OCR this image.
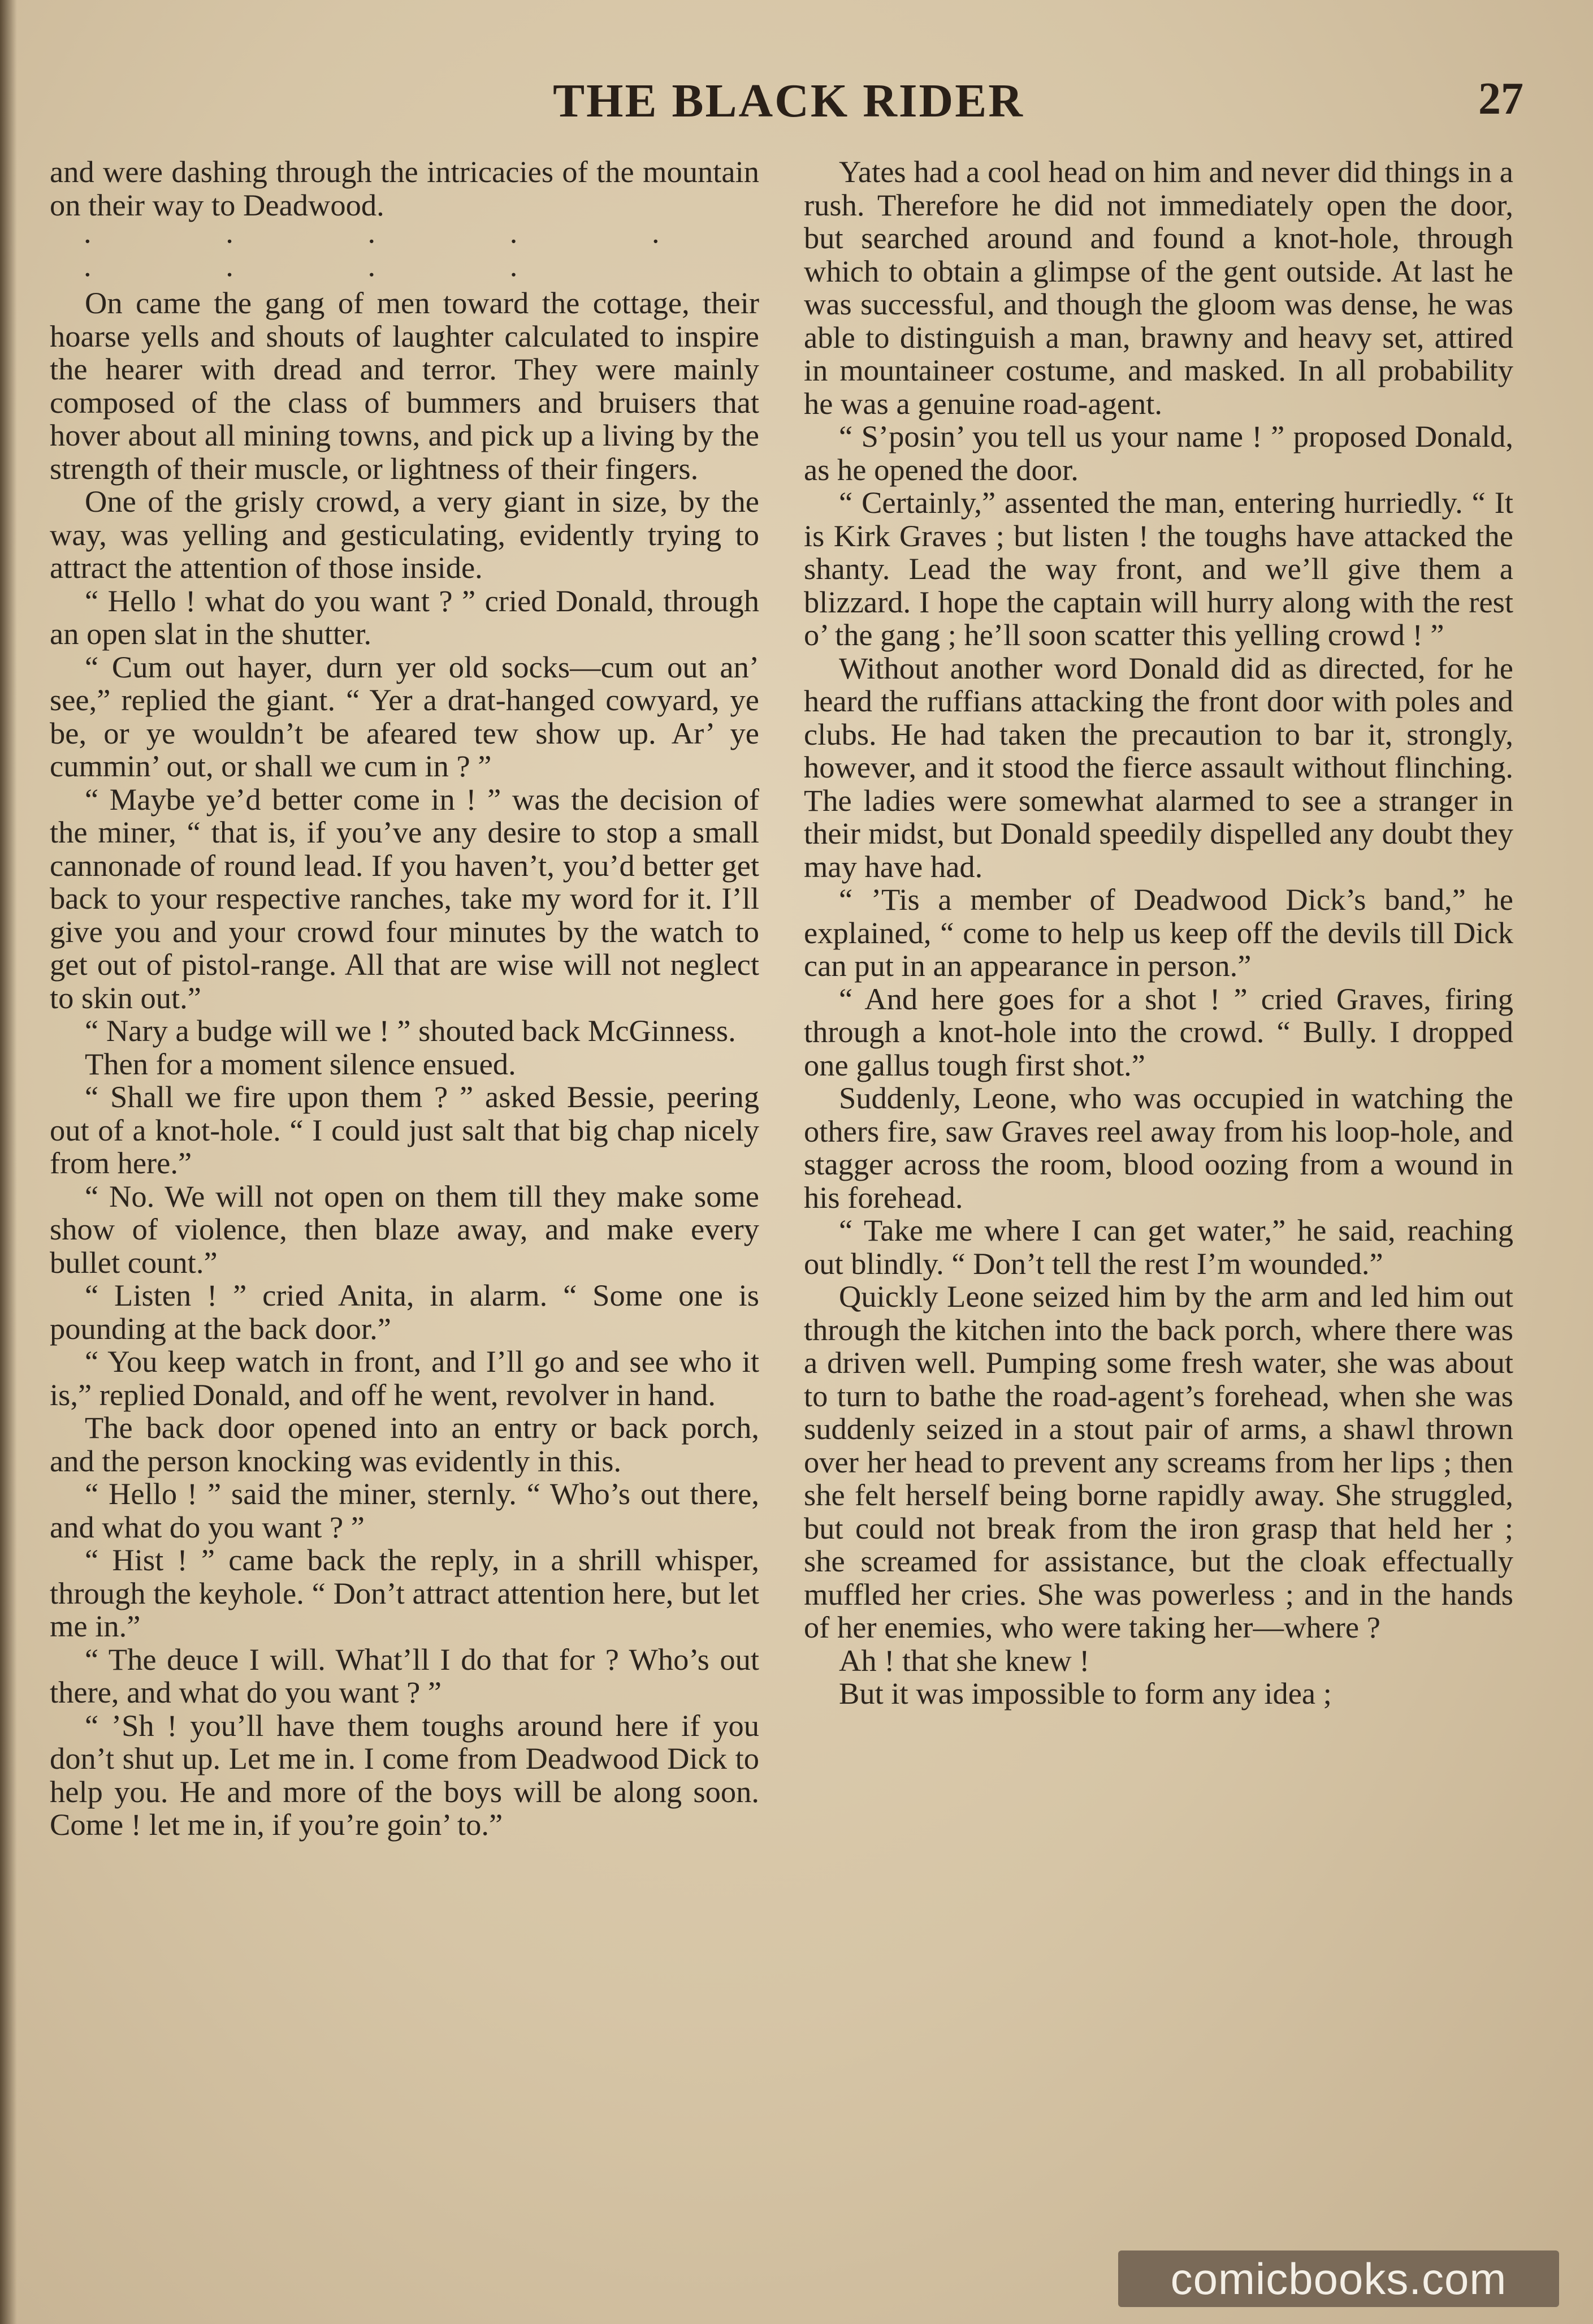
THE BLACK RIDER	27

and were dashing through the intricacies of the mountain on their way to Deadwood.

. . . . . . . . .

On came the gang of men toward the cottage, their hoarse yells and shouts of laughter calculated to inspire the hearer with dread and terror. They were mainly composed of the class of bummers and bruisers that hover about all mining towns, and pick up a living by the strength of their muscle, or lightness of their fingers.

One of the grisly crowd, a very giant in size, by the way, was yelling and gesticulating, evidently trying to attract the attention of those inside.

“ Hello ! what do you want ? ” cried Donald, through an open slat in the shutter.

“ Cum out hayer, durn yer old socks—cum out an’ see,” replied the giant. “ Yer a drat-hanged cowyard, ye be, or ye wouldn’t be afeared tew show up. Ar’ ye cummin’ out, or shall we cum in ? ”

“ Maybe ye’d better come in ! ” was the decision of the miner, “ that is, if you’ve any desire to stop a small cannonade of round lead. If you haven’t, you’d better get back to your respective ranches, take my word for it. I’ll give you and your crowd four minutes by the watch to get out of pistol-range. All that are wise will not neglect to skin out.”

“ Nary a budge will we ! ” shouted back McGinness.

Then for a moment silence ensued.

“ Shall we fire upon them ? ” asked Bessie, peering out of a knot-hole. “ I could just salt that big chap nicely from here.”

“ No. We will not open on them till they make some show of violence, then blaze away, and make every bullet count.”

“ Listen ! ” cried Anita, in alarm. “ Some one is pounding at the back door.”

“ You keep watch in front, and I’ll go and see who it is,” replied Donald, and off he went, revolver in hand.

The back door opened into an entry or back porch, and the person knocking was evidently in this.

“ Hello ! ” said the miner, sternly. “ Who’s out there, and what do you want ? ”

“ Hist ! ” came back the reply, in a shrill whisper, through the keyhole. “ Don’t attract attention here, but let me in.”

“ The deuce I will. What’ll I do that for ? Who’s out there, and what do you want ? ”

“ ’Sh ! you’ll have them toughs around here if you don’t shut up. Let me in. I come from Deadwood Dick to help you. He and more of the boys will be along soon. Come ! let me in, if you’re goin’ to.”

Yates had a cool head on him and never did things in a rush. Therefore he did not immediately open the door, but searched around and found a knot-hole, through which to obtain a glimpse of the gent outside. At last he was successful, and though the gloom was dense, he was able to distinguish a man, brawny and heavy set, attired in mountaineer costume, and masked. In all probability he was a genuine road-agent.

“ S’posin’ you tell us your name ! ” proposed Donald, as he opened the door.

“ Certainly,” assented the man, entering hurriedly. “ It is Kirk Graves ; but listen ! the toughs have attacked the shanty. Lead the way front, and we’ll give them a blizzard. I hope the captain will hurry along with the rest o’ the gang ; he’ll soon scatter this yelling crowd ! ”

Without another word Donald did as directed, for he heard the ruffians attacking the front door with poles and clubs. He had taken the precaution to bar it, strongly, however, and it stood the fierce assault without flinching. The ladies were somewhat alarmed to see a stranger in their midst, but Donald speedily dispelled any doubt they may have had.

“ ’Tis a member of Deadwood Dick’s band,” he explained, “ come to help us keep off the devils till Dick can put in an appearance in person.”

“ And here goes for a shot ! ” cried Graves, firing through a knot-hole into the crowd. “ Bully. I dropped one gallus tough first shot.”

Suddenly, Leone, who was occupied in watching the others fire, saw Graves reel away from his loop-hole, and stagger across the room, blood oozing from a wound in his forehead.

“ Take me where I can get water,” he said, reaching out blindly. “ Don’t tell the rest I’m wounded.”

Quickly Leone seized him by the arm and led him out through the kitchen into the back porch, where there was a driven well. Pumping some fresh water, she was about to turn to bathe the road-agent’s forehead, when she was suddenly seized in a stout pair of arms, a shawl thrown over her head to prevent any screams from her lips ; then she felt herself being borne rapidly away. She struggled, but could not break from the iron grasp that held her ; she screamed for assistance, but the cloak effectually muffled her cries. She was powerless ; and in the hands of her enemies, who were taking her—where ?

Ah ! that she knew !

But it was impossible to form any idea ;

comicbooks.com
